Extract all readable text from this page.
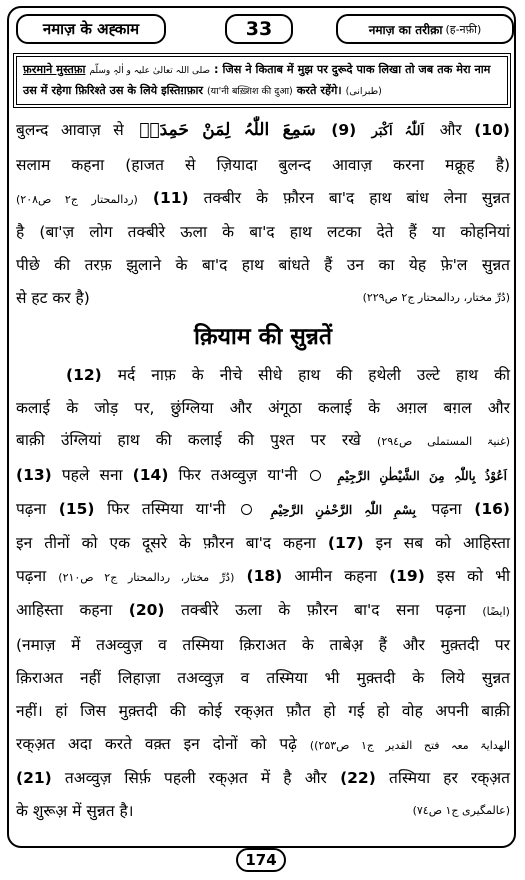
नमाज़ के अह्काम	33	नमाज़ का तरीक़ा (ह-नफ़ी)
फ़रमाने मुस्तफ़ा صلی اللہ تعالیٰ علیہ و اٰلہٖ وسلّم : जिस ने किताब में मुझ पर दुरूदे पाक लिखा तो जब तक मेरा नाम उस में रहेगा फ़िरिश्ते उस के लिये इस्तिग़फ़ार (या'नी बख़्शिश की दुआ) करते रहेंगे। (طبرانی)

बुलन्द आवाज़ से	اَللّٰہُ اَکْبَر (9) سَمِعَ اللّٰہُ لِمَنْ حَمِدَہٗ	और (10)

सलाम कहना (हाजत से ज़ियादा बुलन्द आवाज़ करना मक्रूह है)

(ردالمحتار ج۲ ص۲۰۸) (11) तक्बीर के फ़ौरन बा'द हाथ बांध लेना सुन्नत

है (बा'ज़ लोग तक्बीरे ऊला के बा'द हाथ लटका देते हैं या कोहनियां

पीछे की तरफ़ झुलाने के बा'द हाथ बांधते हैं उन का येह फ़े'ल सुन्नत

से हट कर है)	(دُرِّ مختار، ردالمحتار ج۲ ص۲۲۹)

क़ियाम की सुन्नतें

(12) मर्द नाफ़ के नीचे सीधे हाथ की हथेली उल्टे हाथ की

कलाई के जोड़ पर, छुंग्लिया और अंगूठा कलाई के अग़ल बग़ल और

बाक़ी उंग्लियां हाथ की कलाई की पुश्त पर रखे (غنیۃ المستملی ص۲۹٤)

(13) पहले सना (14) फिर तअव्वुज़ या'नी ○ اَعُوْذُ بِاللّٰہِ مِنَ الشَّیْطٰنِ الرَّجِیْمِ

पढ़ना (15) फिर तस्मिया या'नी ○ بِسْمِ اللّٰہِ الرَّحْمٰنِ الرَّحِیْمِ पढ़ना (16)

इन तीनों को एक दूसरे के फ़ौरन बा'द कहना (17) इन सब को आहिस्ता

पढ़ना (دُرِّ مختار، ردالمحتار ج۲ ص۲۱۰) (18) आमीन कहना (19) इस को भी

आहिस्ता कहना (20) तक्बीरे ऊला के फ़ौरन बा'द सना पढ़ना (ایضًا)

(नमाज़ में तअव्वुज़ व तस्मिया क़िराअत के ताबेअ़ हैं और मुक़्तदी पर

क़िराअत नहीं लिहाज़ा तअव्वुज़ व तस्मिया भी मुक़्तदी के लिये सुन्नत

नहीं। हां जिस मुक़्तदी की कोई रक्अ़त फ़ौत हो गई हो वोह अपनी बाक़ी

रक्अ़त अदा करते वक़्त इन दोनों को पढ़े ((الھدایۃ معہ فتح القدیر ج۱ ص۲۵۳

(21) तअव्वुज़ सिर्फ़ पहली रक्अ़त में है और (22) तस्मिया हर रक्अ़त

के शुरूअ़ में सुन्नत है।	(عالمگیری ج۱ ص۷٤)

174
